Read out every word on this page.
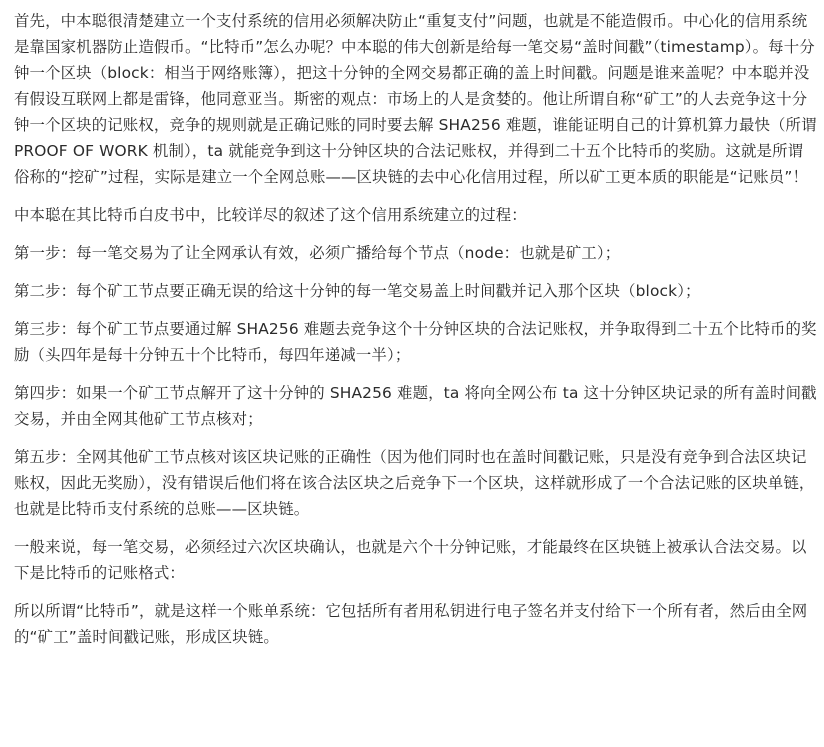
首先，中本聪很清楚建立一个支付系统的信用必须解决防止“重复支付”问题，也就是不能造假币。中心化的信用系统是靠国家机器防止造假币。“比特币”怎么办呢？中本聪的伟大创新是给每一笔交易“盖时间戳”（timestamp）。每十分钟一个区块（block：相当于网络账簿），把这十分钟的全网交易都正确的盖上时间戳。问题是谁来盖呢？中本聪并没有假设互联网上都是雷锋，他同意亚当。斯密的观点：市场上的人是贪婪的。他让所谓自称“矿工”的人去竞争这十分钟一个区块的记账权，竞争的规则就是正确记账的同时要去解 SHA256 难题，谁能证明自己的计算机算力最快（所谓 PROOF OF WORK 机制），ta 就能竞争到这十分钟区块的合法记账权，并得到二十五个比特币的奖励。这就是所谓俗称的“挖矿”过程，实际是建立一个全网总账——区块链的去中心化信用过程，所以矿工更本质的职能是“记账员”！

中本聪在其比特币白皮书中，比较详尽的叙述了这个信用系统建立的过程：

第一步：每一笔交易为了让全网承认有效，必须广播给每个节点（node：也就是矿工）；

第二步：每个矿工节点要正确无误的给这十分钟的每一笔交易盖上时间戳并记入那个区块（block）；

第三步：每个矿工节点要通过解 SHA256 难题去竞争这个十分钟区块的合法记账权，并争取得到二十五个比特币的奖励（头四年是每十分钟五十个比特币，每四年递减一半）；

第四步：如果一个矿工节点解开了这十分钟的 SHA256 难题，ta 将向全网公布 ta 这十分钟区块记录的所有盖时间戳交易，并由全网其他矿工节点核对；

第五步：全网其他矿工节点核对该区块记账的正确性（因为他们同时也在盖时间戳记账，只是没有竞争到合法区块记账权，因此无奖励），没有错误后他们将在该合法区块之后竞争下一个区块，这样就形成了一个合法记账的区块单链，也就是比特币支付系统的总账——区块链。

一般来说，每一笔交易，必须经过六次区块确认，也就是六个十分钟记账，才能最终在区块链上被承认合法交易。以下是比特币的记账格式：

所以所谓“比特币”，就是这样一个账单系统：它包括所有者用私钥进行电子签名并支付给下一个所有者，然后由全网的“矿工”盖时间戳记账，形成区块链。
